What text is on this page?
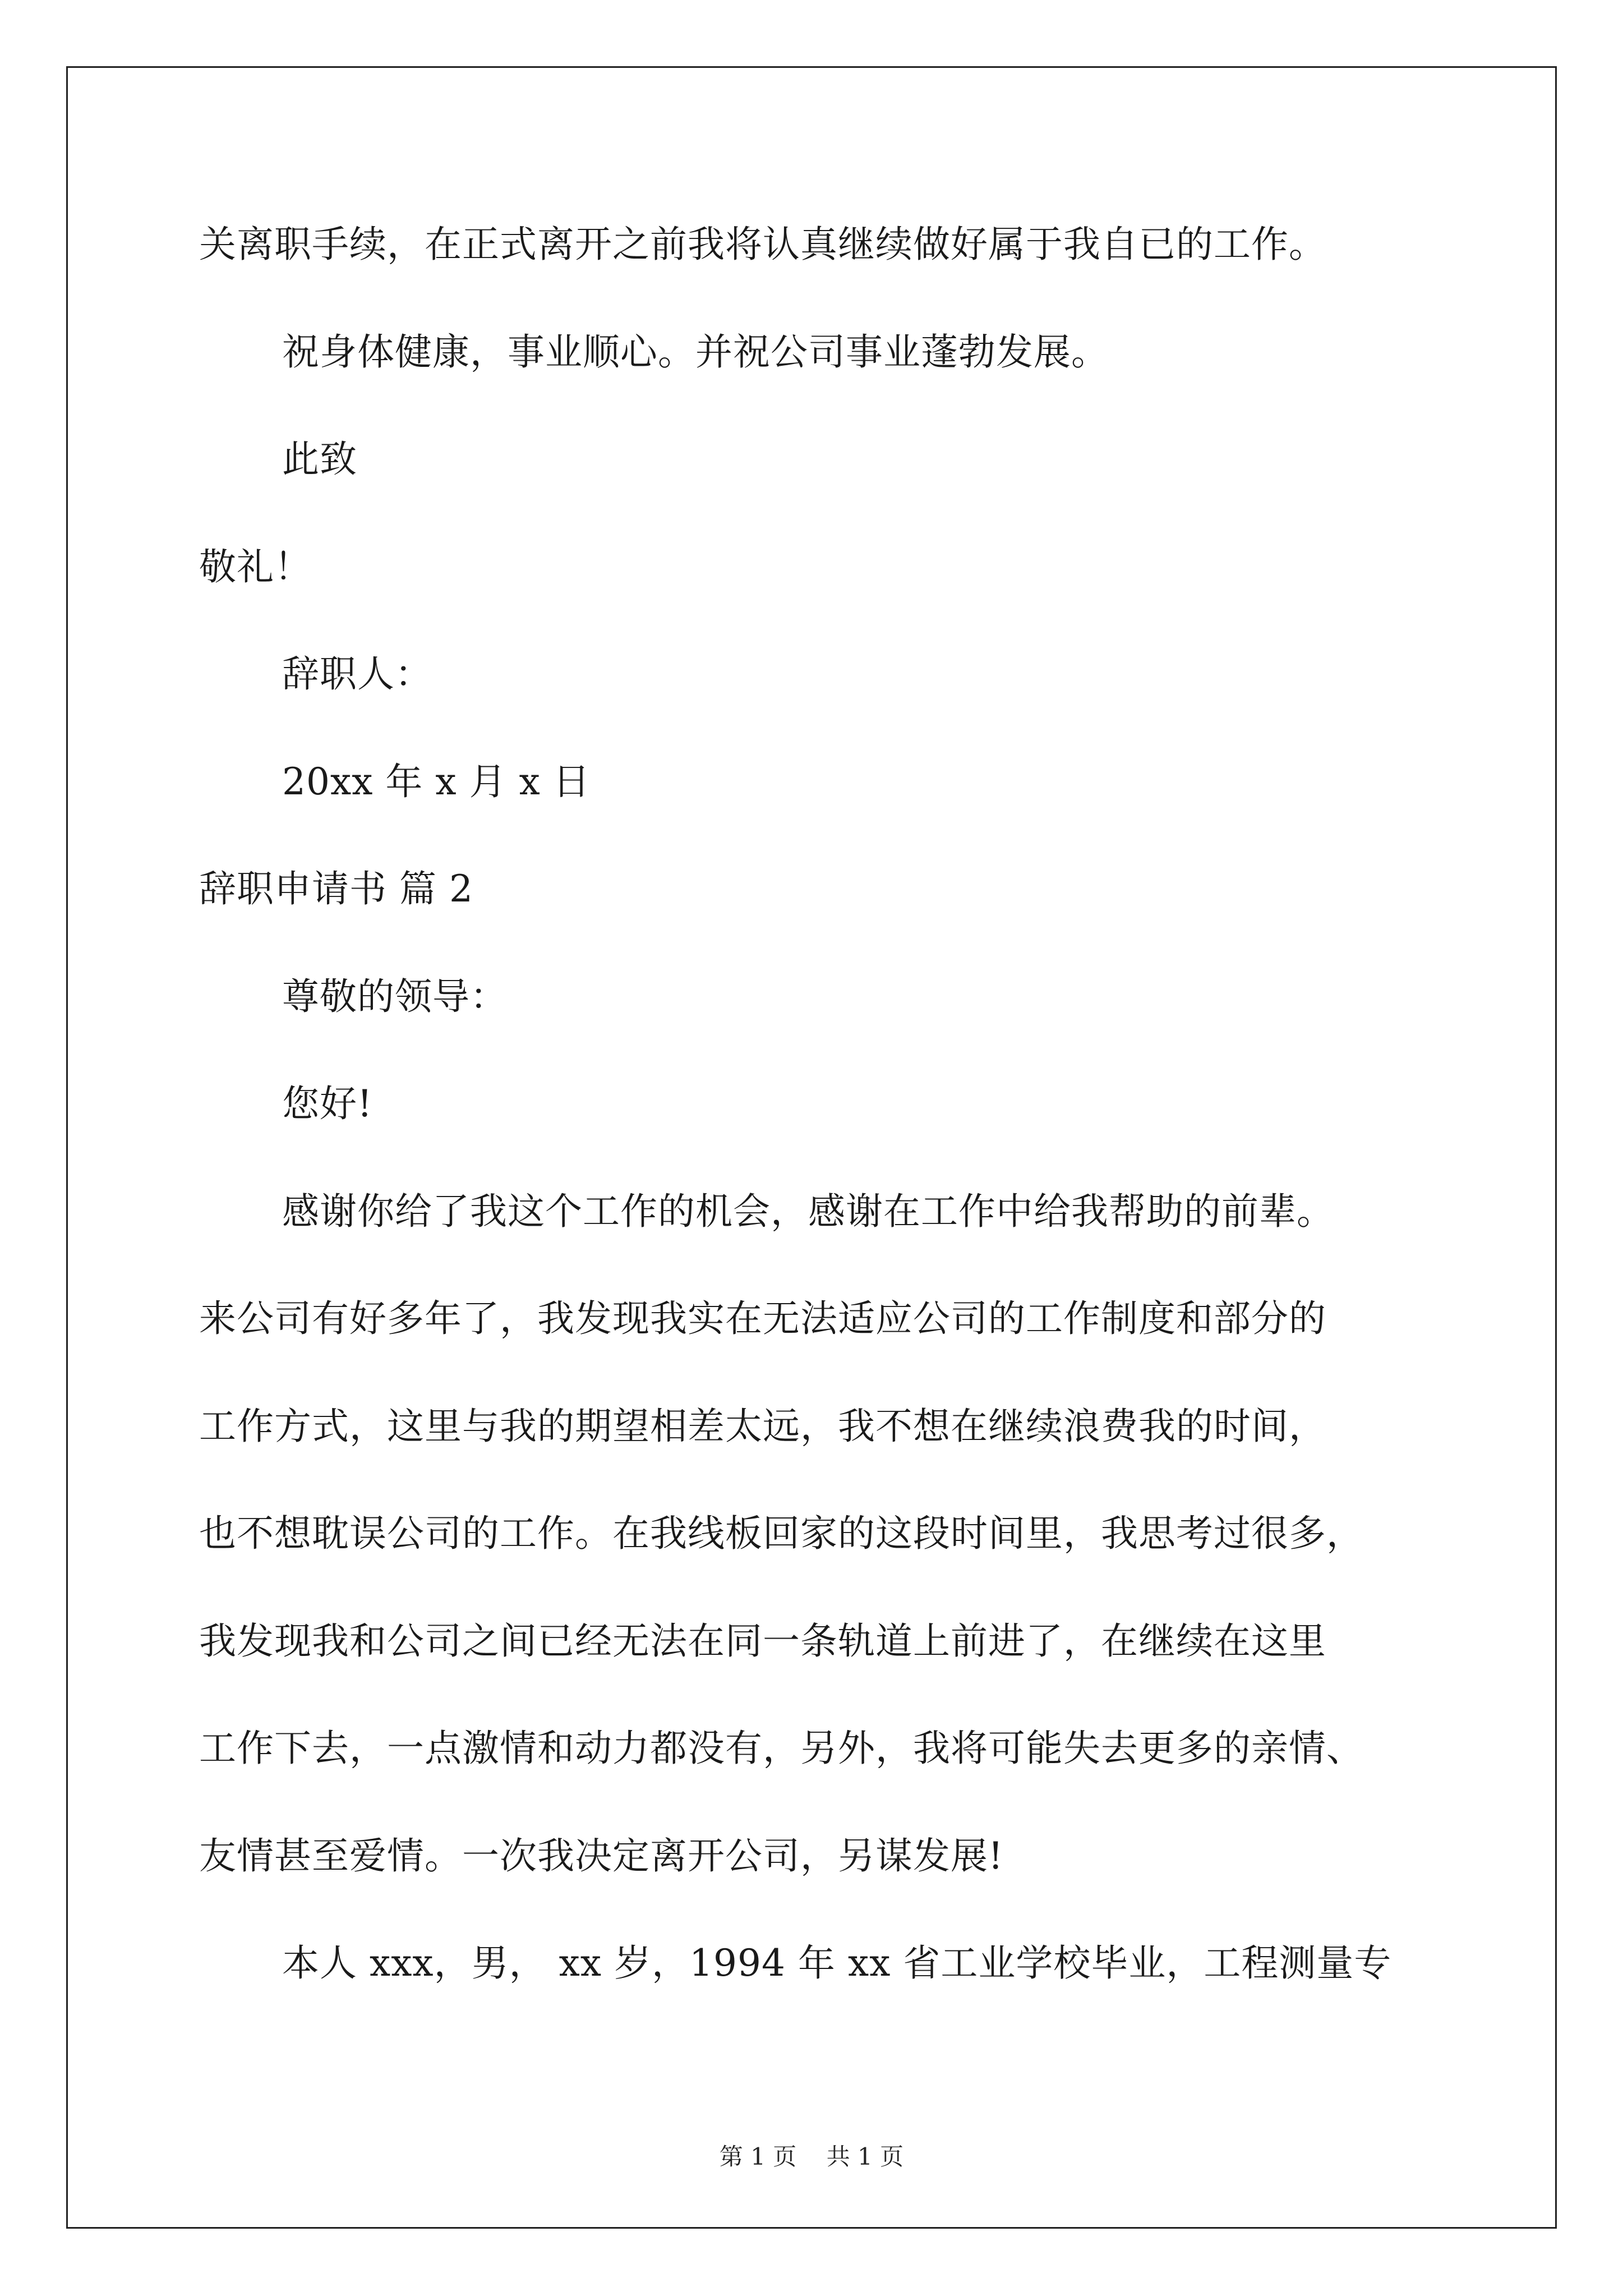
关离职手续，在正式离开之前我将认真继续做好属于我自已的工作。
祝身体健康，事业顺心。并祝公司事业蓬勃发展。
此致
敬礼！
辞职人：
20xx 年 x 月 x 日
辞职申请书 篇 2
尊敬的领导：
您好!
感谢你给了我这个工作的机会，感谢在工作中给我帮助的前辈。
来公司有好多年了，我发现我实在无法适应公司的工作制度和部分的
工作方式，这里与我的期望相差太远，我不想在继续浪费我的时间，
也不想耽误公司的工作。在我线板回家的这段时间里，我思考过很多，
我发现我和公司之间已经无法在同一条轨道上前进了，在继续在这里
工作下去，一点激情和动力都没有，另外，我将可能失去更多的亲情、
友情甚至爱情。一次我决定离开公司，另谋发展!
本人 xxx，男， xx 岁，1994 年 xx 省工业学校毕业，工程测量专
第 1 页    共 1 页
